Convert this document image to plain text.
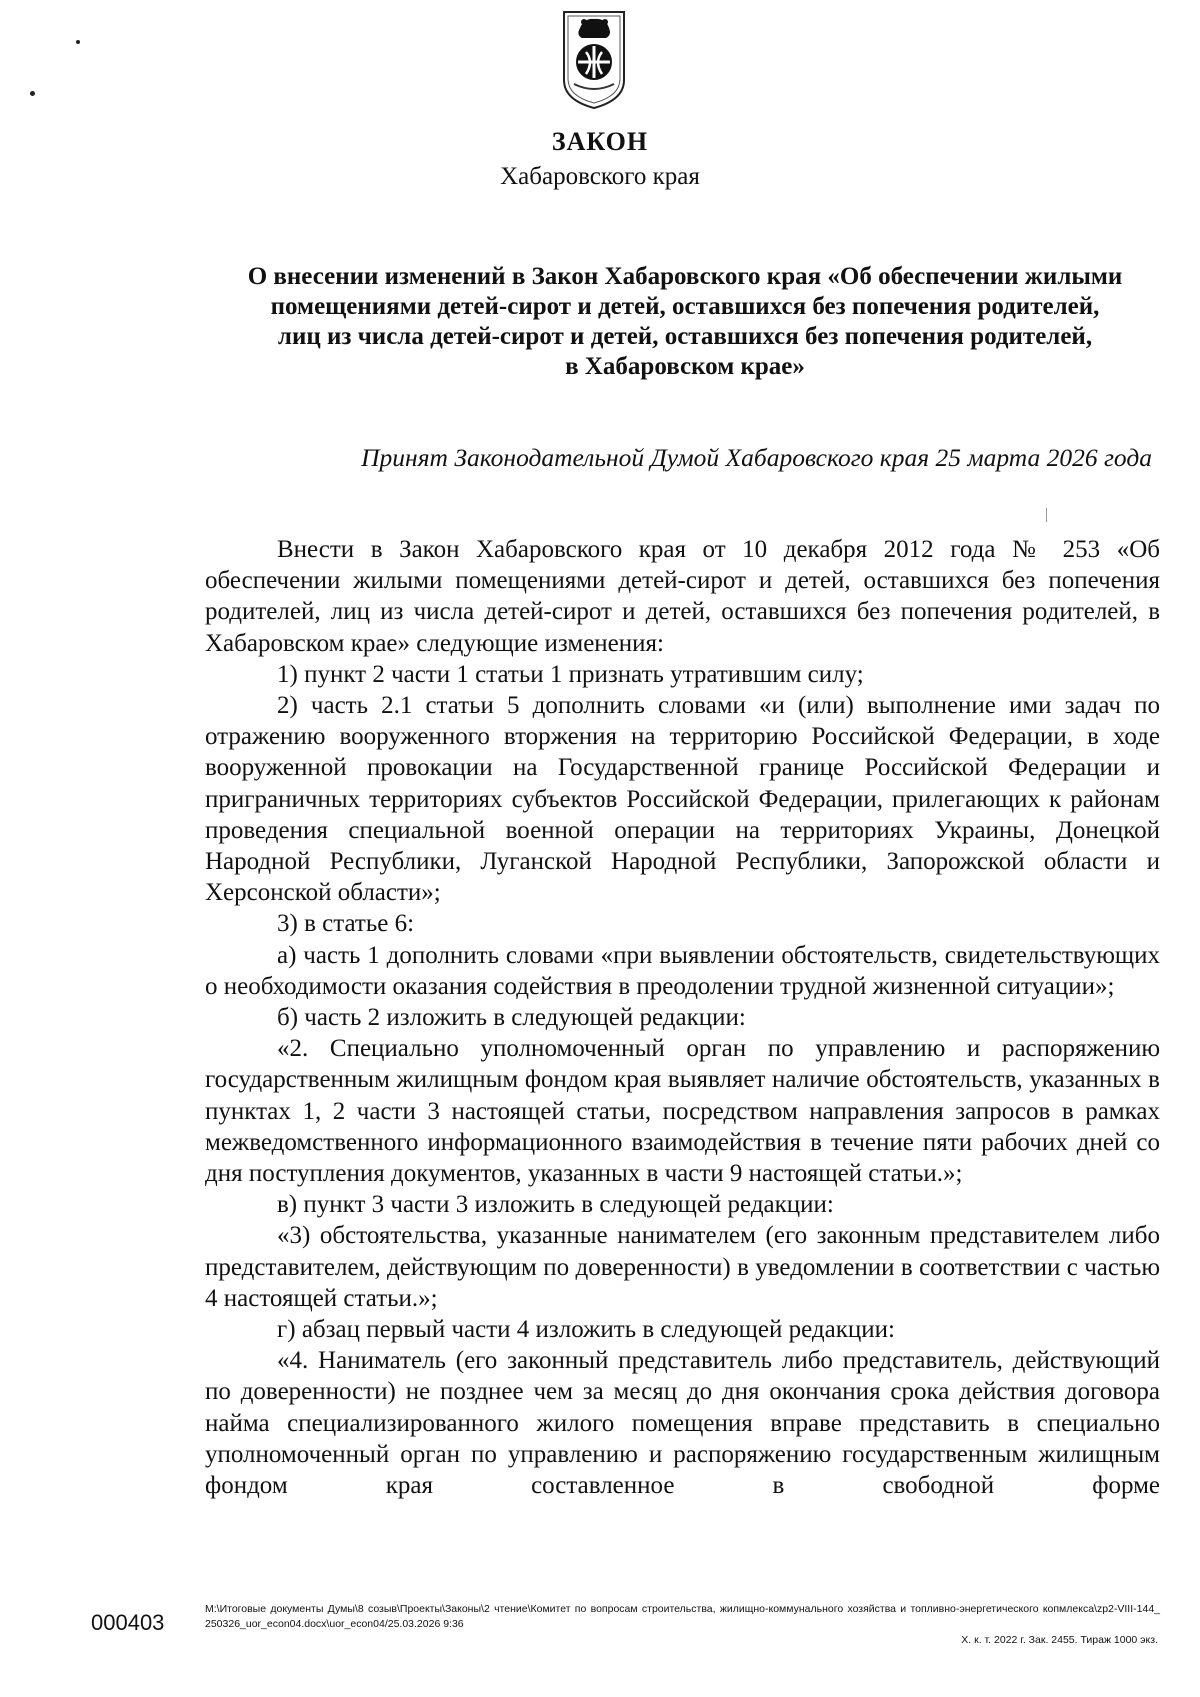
ЗАКОН
Хабаровского края
О внесении изменений в Закон Хабаровского края «Об обеспечении жилыми
помещениями детей-сирот и детей, оставшихся без попечения родителей,
лиц из числа детей-сирот и детей, оставшихся без попечения родителей,
в Хабаровском крае»
Принят Законодательной Думой Хабаровского края 25 марта 2026 года

Внести в Закон Хабаровского края от 10 декабря 2012 года № 253 «Об обеспечении жилыми помещениями детей-сирот и детей, оставшихся без попечения родителей, лиц из числа детей-сирот и детей, оставшихся без попечения родителей, в Хабаровском крае» следующие изменения:

1) пункт 2 части 1 статьи 1 признать утратившим силу;

2) часть 2.1 статьи 5 дополнить словами «и (или) выполнение ими задач по отражению вооруженного вторжения на территорию Российской Федерации, в ходе вооруженной провокации на Государственной границе Российской Федерации и приграничных территориях субъектов Российской Федерации, прилегающих к районам проведения специальной военной операции на территориях Украины, Донецкой Народной Республики, Луганской Народной Республики, Запорожской области и Херсонской области»;

3) в статье 6:

а) часть 1 дополнить словами «при выявлении обстоятельств, свидетельствующих о необходимости оказания содействия в преодолении трудной жизненной ситуации»;

б) часть 2 изложить в следующей редакции:

«2. Специально уполномоченный орган по управлению и распоряжению государственным жилищным фондом края выявляет наличие обстоятельств, указанных в пунктах 1, 2 части 3 настоящей статьи, посредством направления запросов в рамках межведомственного информационного взаимодействия в течение пяти рабочих дней со дня поступления документов, указанных в части 9 настоящей статьи.»;

в) пункт 3 части 3 изложить в следующей редакции:

«3) обстоятельства, указанные нанимателем (его законным представителем либо представителем, действующим по доверенности) в уведомлении в соответствии с частью 4 настоящей статьи.»;

г) абзац первый части 4 изложить в следующей редакции:

«4. Наниматель (его законный представитель либо представитель, действующий по доверенности) не позднее чем за месяц до дня окончания срока действия договора найма специализированного жилого помещения вправе представить в специально уполномоченный орган по управлению и распоряжению государственным жилищным фондом края составленное в свободной форме

000403
M:\Итоговые документы Думы\8 созыв\Проекты\Законы\2 чтение\Комитет по вопросам строительства, жилищно-коммунального хозяйства и топливно-энергетического копмлекса\zp2-VIII-144_ 250326_uor_econ04.docx\uor_econ04/25.03.2026 9:36
Х. к. т. 2022 г. Зак. 2455. Тираж 1000 экз.
